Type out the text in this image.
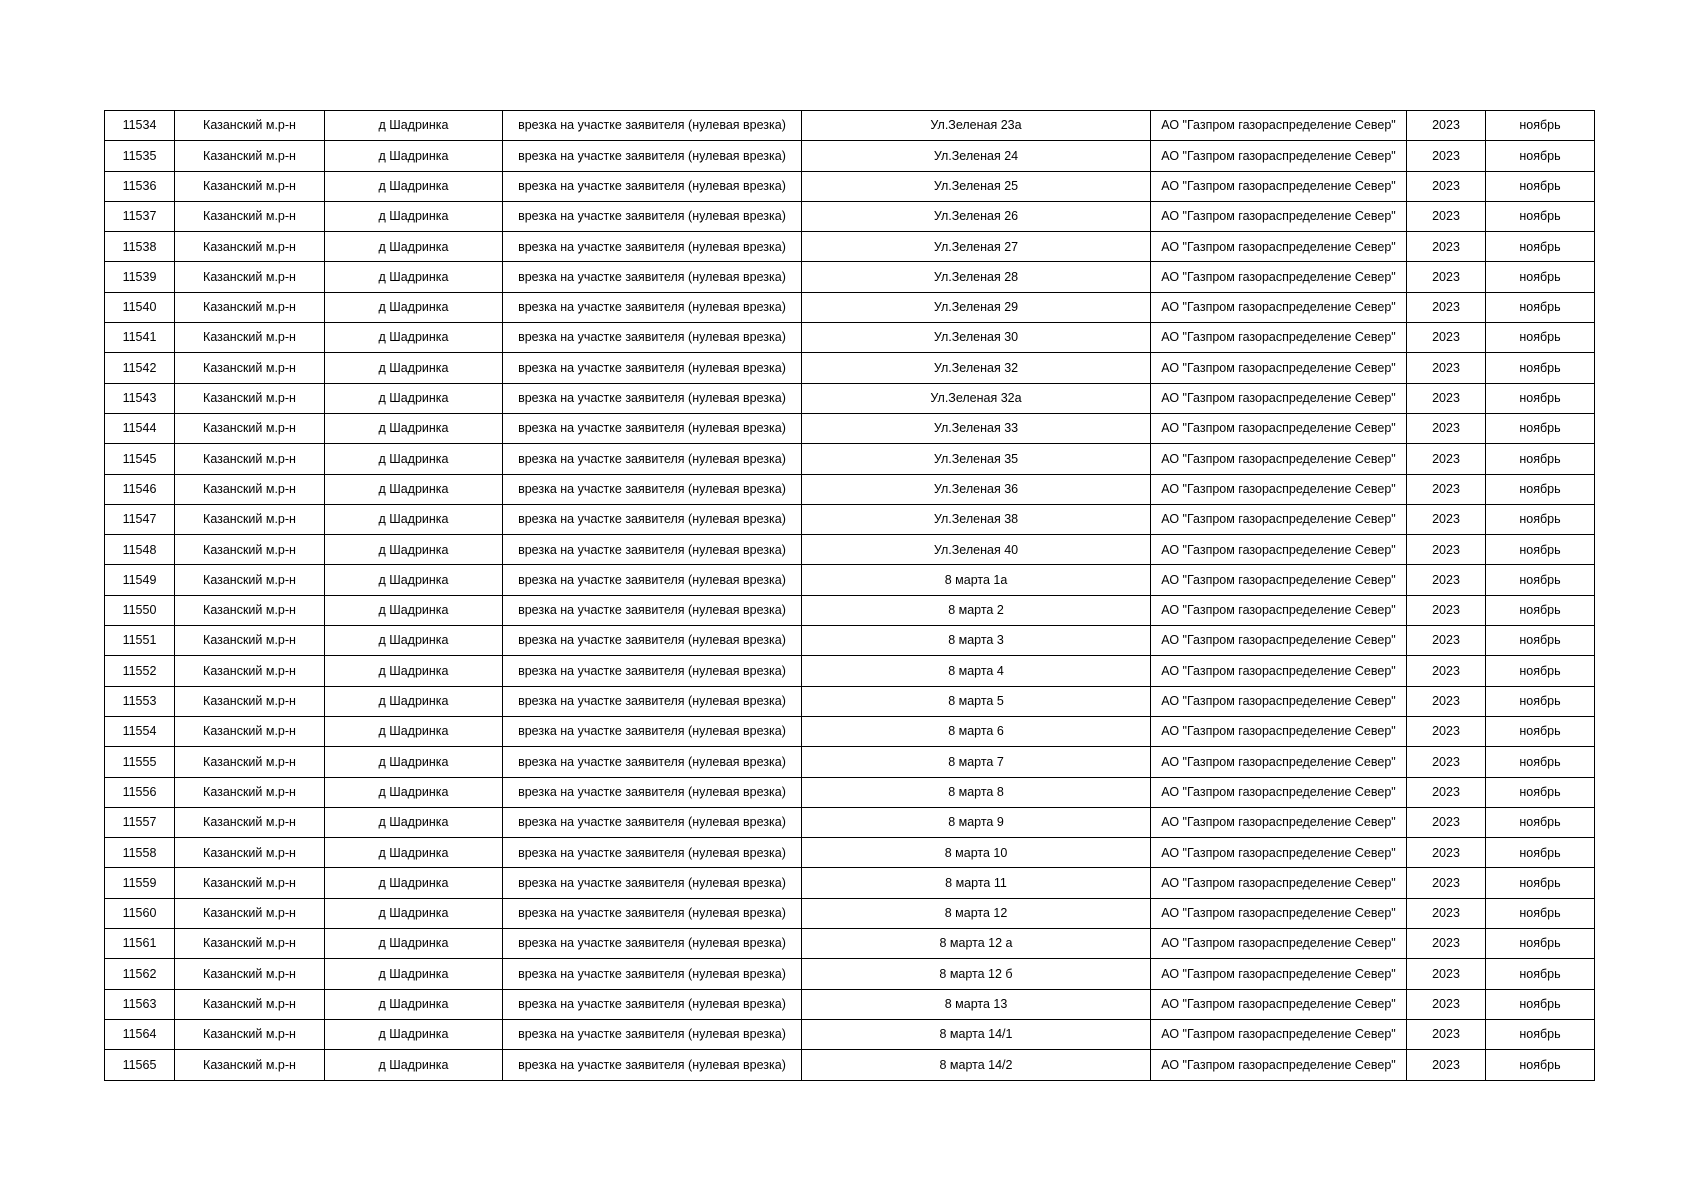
11534	Казанский м.р-н	д Шадринка	врезка на участке заявителя (нулевая врезка)	Ул.Зеленая 23а	АО "Газпром газораспределение Север"	2023	ноябрь
11535	Казанский м.р-н	д Шадринка	врезка на участке заявителя (нулевая врезка)	Ул.Зеленая 24	АО "Газпром газораспределение Север"	2023	ноябрь
11536	Казанский м.р-н	д Шадринка	врезка на участке заявителя (нулевая врезка)	Ул.Зеленая 25	АО "Газпром газораспределение Север"	2023	ноябрь
11537	Казанский м.р-н	д Шадринка	врезка на участке заявителя (нулевая врезка)	Ул.Зеленая 26	АО "Газпром газораспределение Север"	2023	ноябрь
11538	Казанский м.р-н	д Шадринка	врезка на участке заявителя (нулевая врезка)	Ул.Зеленая 27	АО "Газпром газораспределение Север"	2023	ноябрь
11539	Казанский м.р-н	д Шадринка	врезка на участке заявителя (нулевая врезка)	Ул.Зеленая 28	АО "Газпром газораспределение Север"	2023	ноябрь
11540	Казанский м.р-н	д Шадринка	врезка на участке заявителя (нулевая врезка)	Ул.Зеленая 29	АО "Газпром газораспределение Север"	2023	ноябрь
11541	Казанский м.р-н	д Шадринка	врезка на участке заявителя (нулевая врезка)	Ул.Зеленая 30	АО "Газпром газораспределение Север"	2023	ноябрь
11542	Казанский м.р-н	д Шадринка	врезка на участке заявителя (нулевая врезка)	Ул.Зеленая 32	АО "Газпром газораспределение Север"	2023	ноябрь
11543	Казанский м.р-н	д Шадринка	врезка на участке заявителя (нулевая врезка)	Ул.Зеленая 32а	АО "Газпром газораспределение Север"	2023	ноябрь
11544	Казанский м.р-н	д Шадринка	врезка на участке заявителя (нулевая врезка)	Ул.Зеленая 33	АО "Газпром газораспределение Север"	2023	ноябрь
11545	Казанский м.р-н	д Шадринка	врезка на участке заявителя (нулевая врезка)	Ул.Зеленая 35	АО "Газпром газораспределение Север"	2023	ноябрь
11546	Казанский м.р-н	д Шадринка	врезка на участке заявителя (нулевая врезка)	Ул.Зеленая 36	АО "Газпром газораспределение Север"	2023	ноябрь
11547	Казанский м.р-н	д Шадринка	врезка на участке заявителя (нулевая врезка)	Ул.Зеленая 38	АО "Газпром газораспределение Север"	2023	ноябрь
11548	Казанский м.р-н	д Шадринка	врезка на участке заявителя (нулевая врезка)	Ул.Зеленая 40	АО "Газпром газораспределение Север"	2023	ноябрь
11549	Казанский м.р-н	д Шадринка	врезка на участке заявителя (нулевая врезка)	8 марта 1а	АО "Газпром газораспределение Север"	2023	ноябрь
11550	Казанский м.р-н	д Шадринка	врезка на участке заявителя (нулевая врезка)	8 марта 2	АО "Газпром газораспределение Север"	2023	ноябрь
11551	Казанский м.р-н	д Шадринка	врезка на участке заявителя (нулевая врезка)	8 марта 3	АО "Газпром газораспределение Север"	2023	ноябрь
11552	Казанский м.р-н	д Шадринка	врезка на участке заявителя (нулевая врезка)	8 марта 4	АО "Газпром газораспределение Север"	2023	ноябрь
11553	Казанский м.р-н	д Шадринка	врезка на участке заявителя (нулевая врезка)	8 марта 5	АО "Газпром газораспределение Север"	2023	ноябрь
11554	Казанский м.р-н	д Шадринка	врезка на участке заявителя (нулевая врезка)	8 марта 6	АО "Газпром газораспределение Север"	2023	ноябрь
11555	Казанский м.р-н	д Шадринка	врезка на участке заявителя (нулевая врезка)	8 марта 7	АО "Газпром газораспределение Север"	2023	ноябрь
11556	Казанский м.р-н	д Шадринка	врезка на участке заявителя (нулевая врезка)	8 марта 8	АО "Газпром газораспределение Север"	2023	ноябрь
11557	Казанский м.р-н	д Шадринка	врезка на участке заявителя (нулевая врезка)	8 марта 9	АО "Газпром газораспределение Север"	2023	ноябрь
11558	Казанский м.р-н	д Шадринка	врезка на участке заявителя (нулевая врезка)	8 марта 10	АО "Газпром газораспределение Север"	2023	ноябрь
11559	Казанский м.р-н	д Шадринка	врезка на участке заявителя (нулевая врезка)	8 марта 11	АО "Газпром газораспределение Север"	2023	ноябрь
11560	Казанский м.р-н	д Шадринка	врезка на участке заявителя (нулевая врезка)	8 марта 12	АО "Газпром газораспределение Север"	2023	ноябрь
11561	Казанский м.р-н	д Шадринка	врезка на участке заявителя (нулевая врезка)	8 марта 12 а	АО "Газпром газораспределение Север"	2023	ноябрь
11562	Казанский м.р-н	д Шадринка	врезка на участке заявителя (нулевая врезка)	8 марта 12 б	АО "Газпром газораспределение Север"	2023	ноябрь
11563	Казанский м.р-н	д Шадринка	врезка на участке заявителя (нулевая врезка)	8 марта 13	АО "Газпром газораспределение Север"	2023	ноябрь
11564	Казанский м.р-н	д Шадринка	врезка на участке заявителя (нулевая врезка)	8 марта 14/1	АО "Газпром газораспределение Север"	2023	ноябрь
11565	Казанский м.р-н	д Шадринка	врезка на участке заявителя (нулевая врезка)	8 марта 14/2	АО "Газпром газораспределение Север"	2023	ноябрь
